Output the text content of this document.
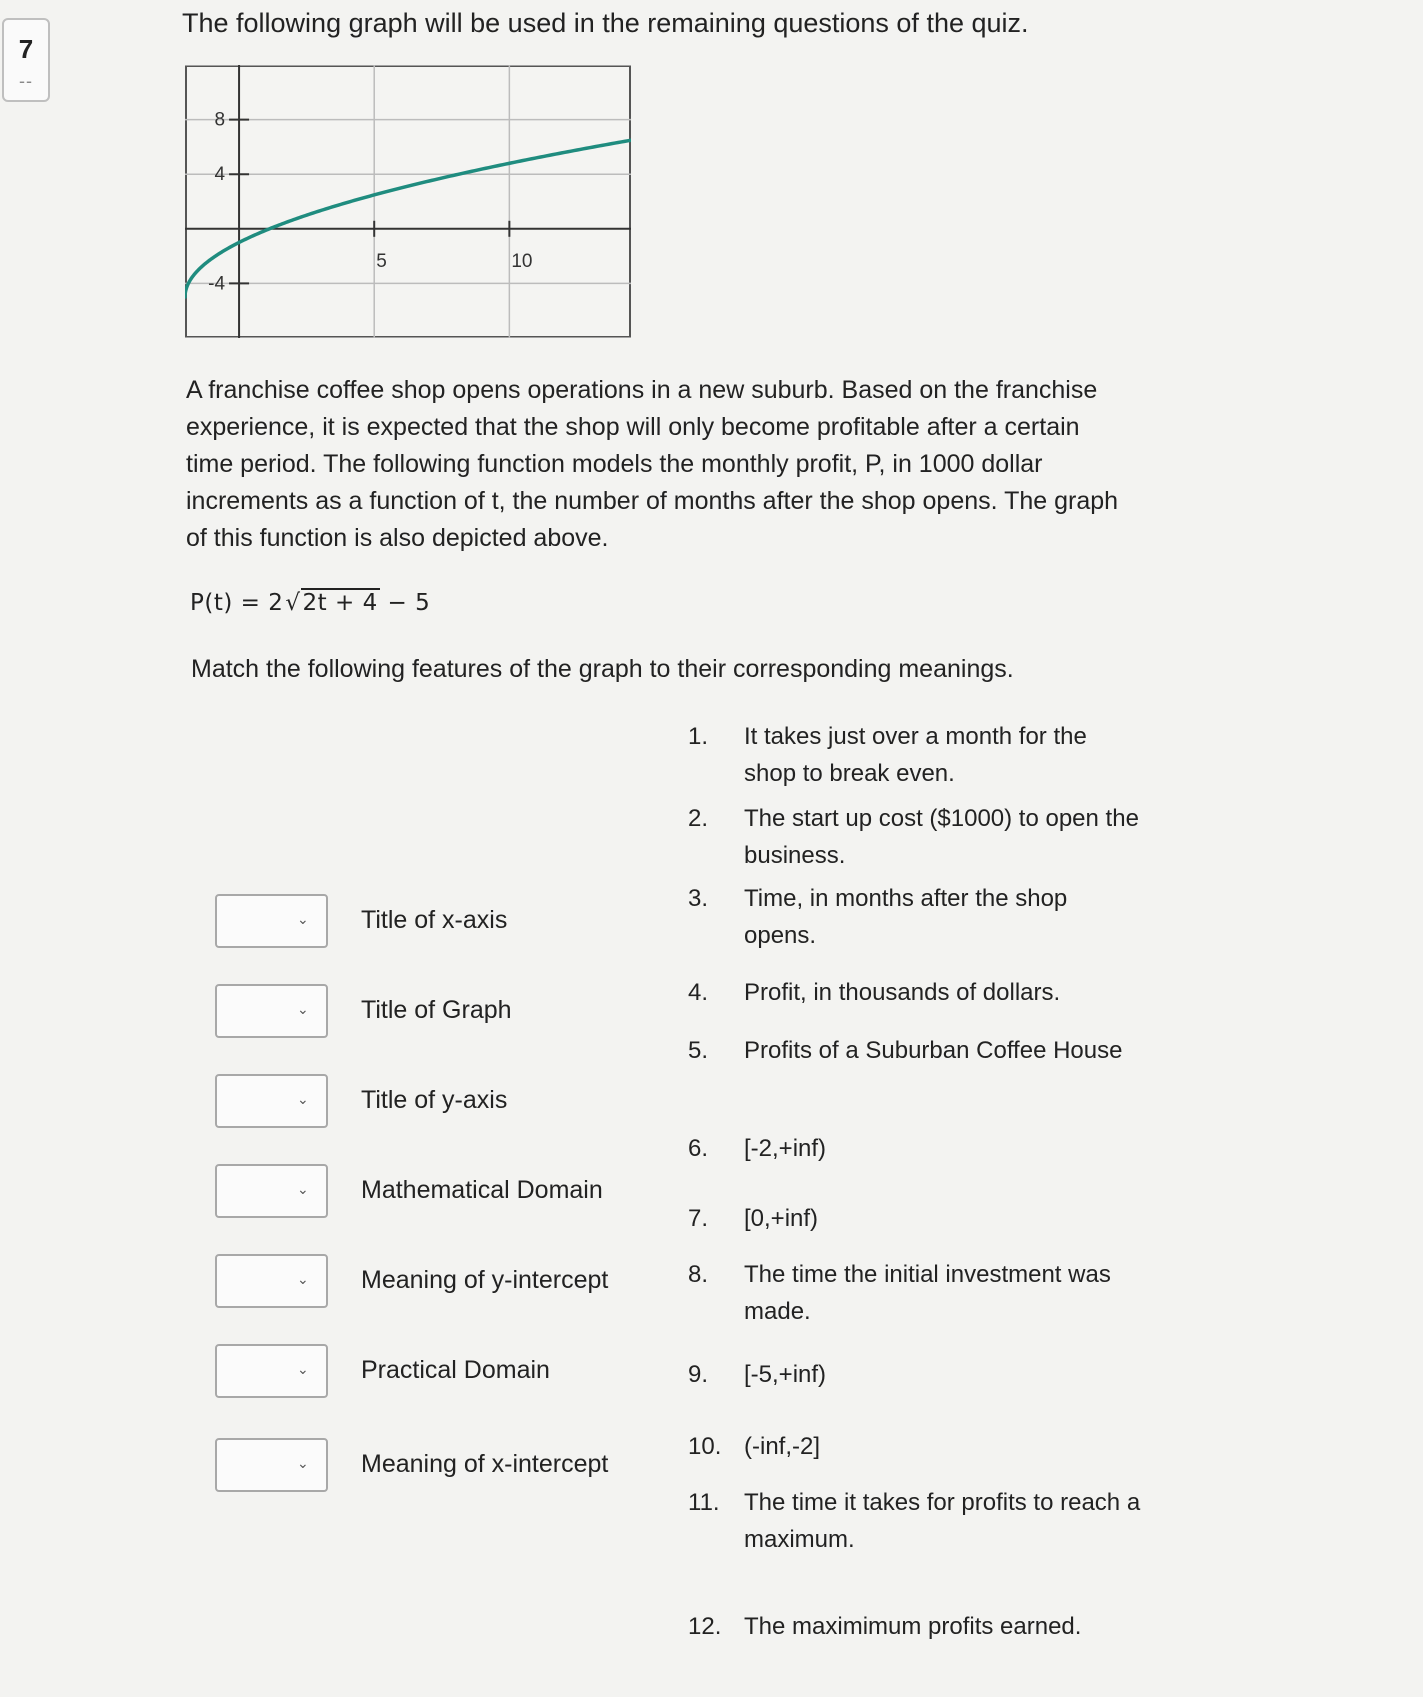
7
--
The following graph will be used in the remaining questions of the quiz.
5	10
8
4
-4
A franchise coffee shop opens operations in a new suburb. Based on the franchise experience, it is expected that the shop will only become profitable after a certain time period. The following function models the monthly profit, P, in 1000 dollar increments as a function of t, the number of months after the shop opens. The graph of this function is also depicted above.
P(t) = 2√2t + 4 − 5
Match the following features of the graph to their corresponding meanings.
⌄ Title of x-axis
⌄ Title of Graph
⌄ Title of y-axis
⌄ Mathematical Domain
⌄ Meaning of y-intercept
⌄ Practical Domain
⌄ Meaning of x-intercept
1.	It takes just over a month for the shop to break even.
2.	The start up cost ($1000) to open the business.
3.	Time, in months after the shop opens.
4.	Profit, in thousands of dollars.
5.	Profits of a Suburban Coffee House
6.	[-2,+inf)
7.	[0,+inf)
8.	The time the initial investment was made.
9.	[-5,+inf)
10. (-inf,-2]
11.	The time it takes for profits to reach a maximum.
12. The maximimum profits earned.
